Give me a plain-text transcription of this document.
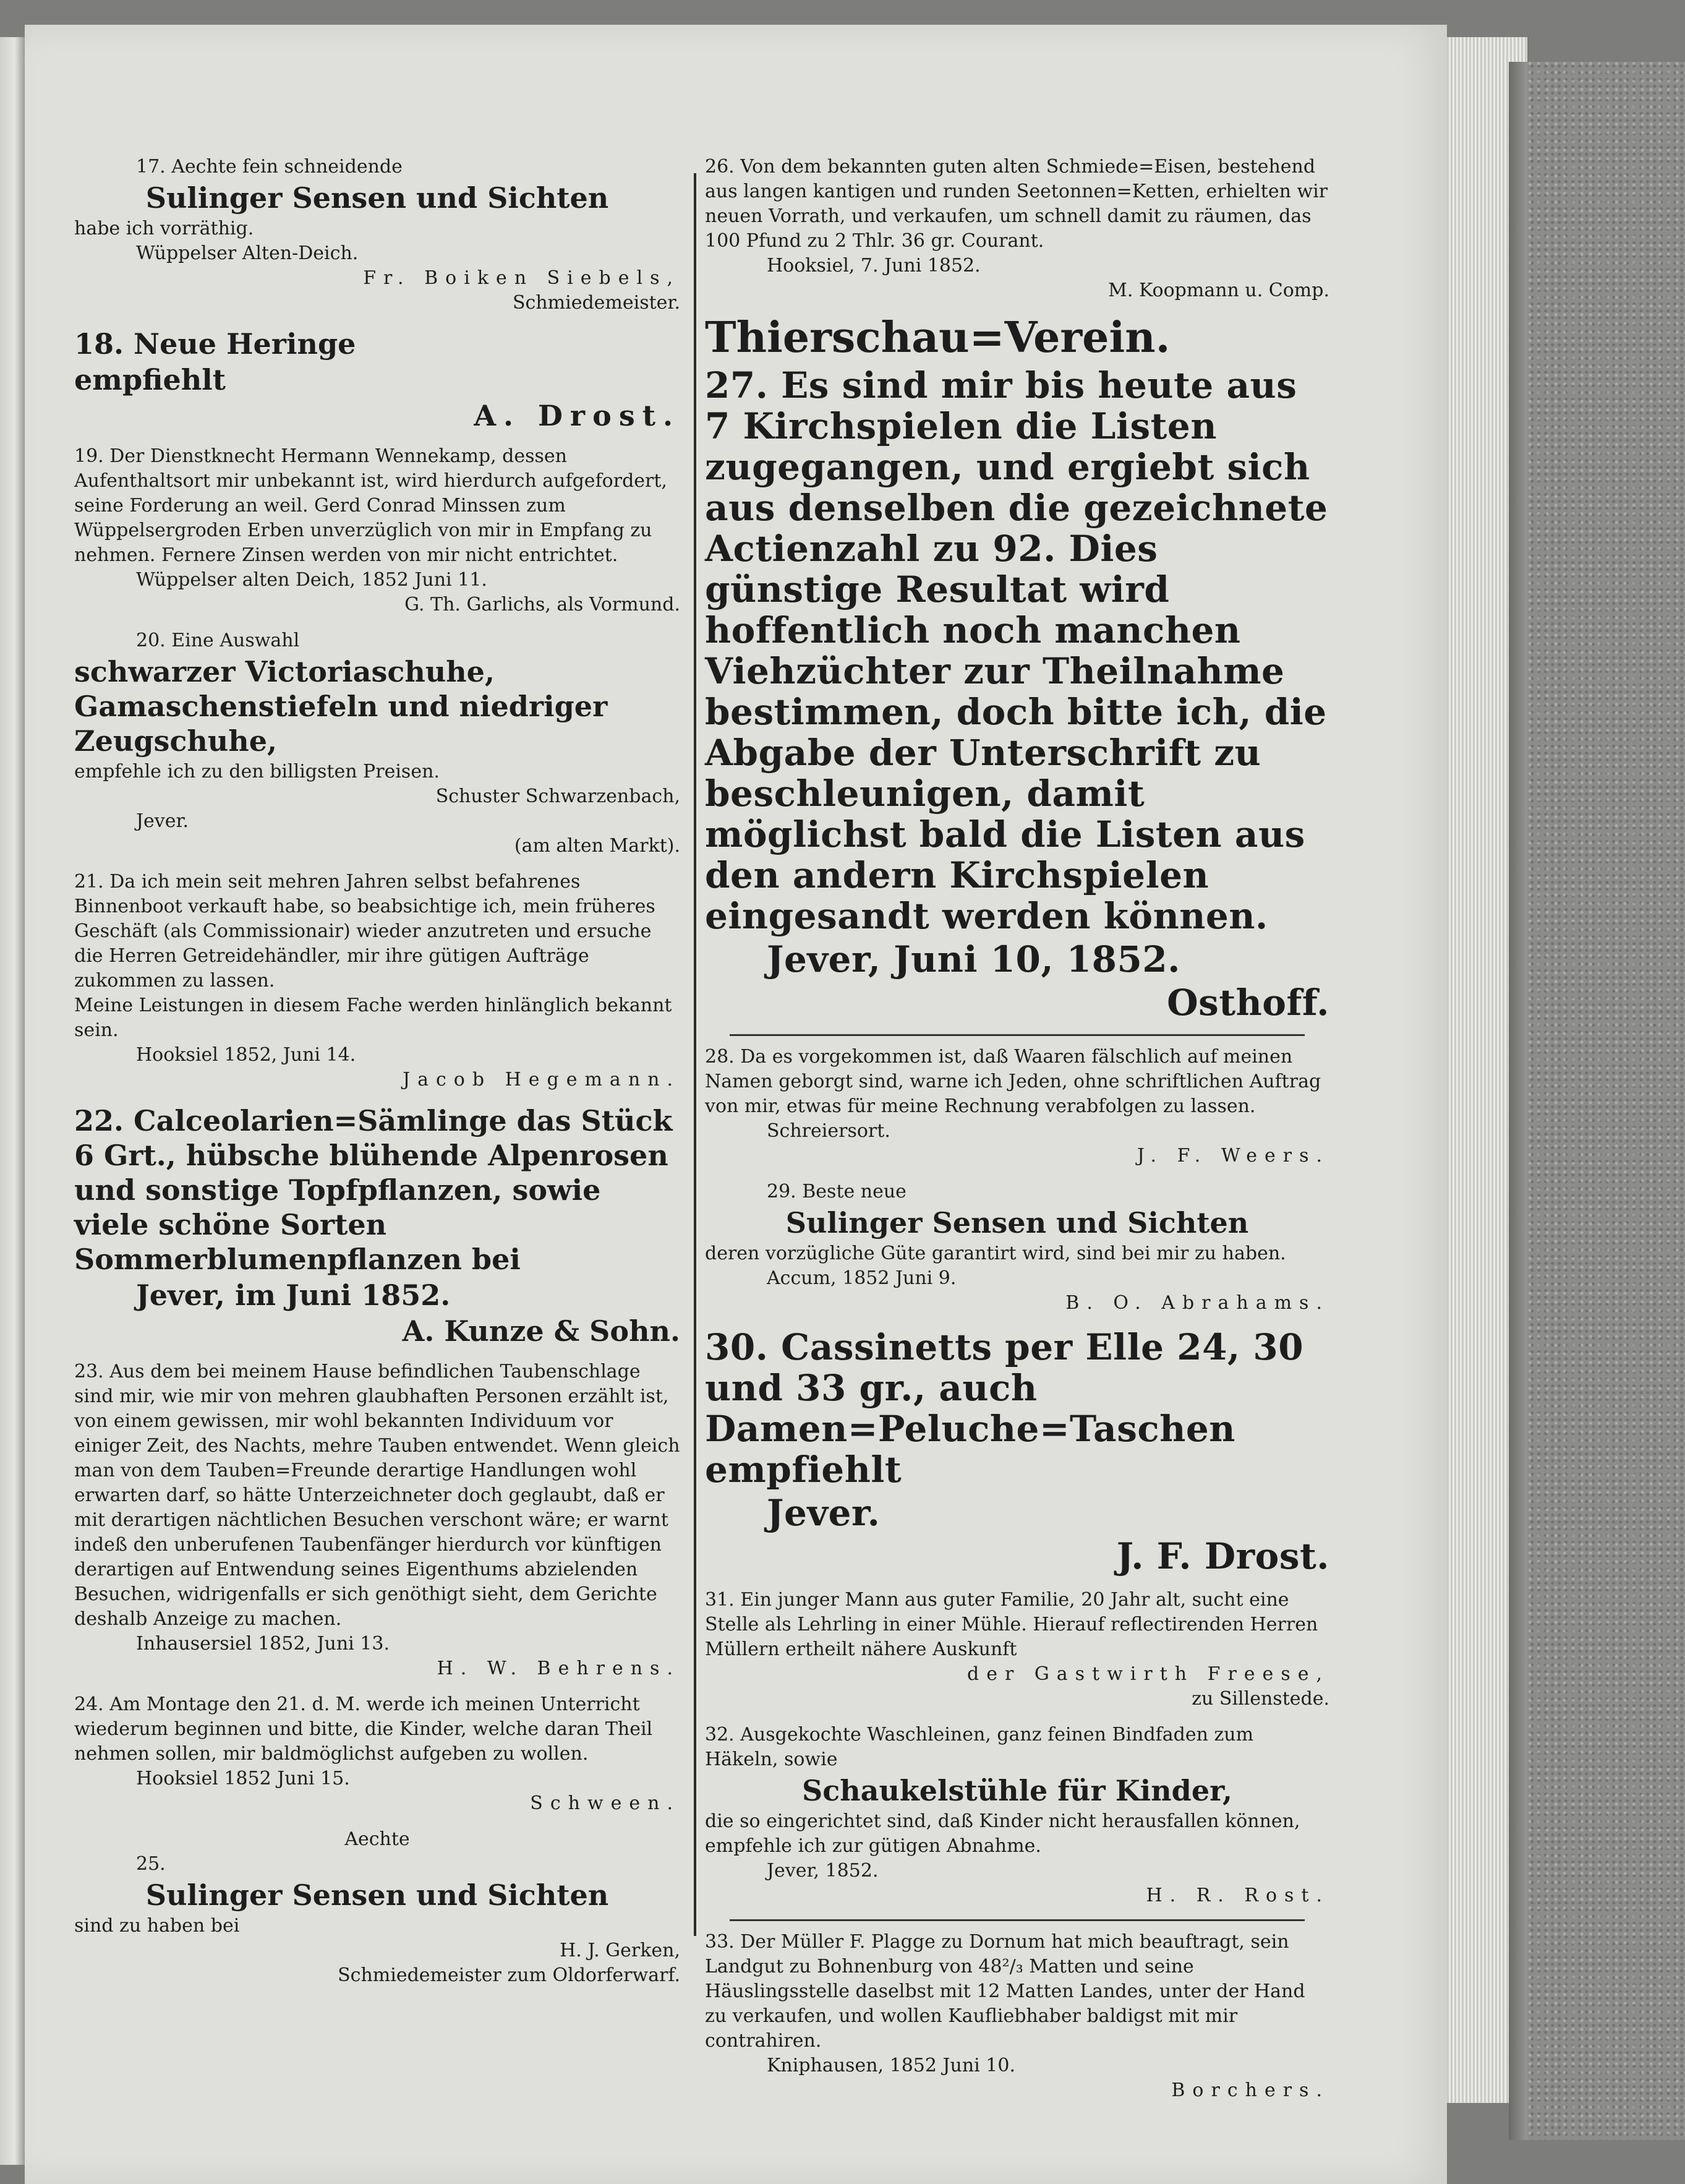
17. Aechte fein schneidende

Sulinger Sensen und Sichten

habe ich vorräthig.

Wüppelser Alten-Deich.

Fr. Boiken Siebels,

Schmiedemeister.

18. Neue Heringe

empfiehlt

A. Drost.

19. Der Dienstknecht Hermann Wennekamp, dessen Aufenthaltsort mir unbekannt ist, wird hierdurch aufgefordert, seine Forderung an weil. Gerd Conrad Minssen zum Wüppelsergroden Erben unverzüglich von mir in Empfang zu nehmen. Fernere Zinsen werden von mir nicht entrichtet.

Wüppelser alten Deich, 1852 Juni 11.

G. Th. Garlichs, als Vormund.

20. Eine Auswahl

schwarzer Victoriaschuhe, Gamaschenstiefeln und niedriger Zeugschuhe,

empfehle ich zu den billigsten Preisen.

Schuster Schwarzenbach,

Jever.

(am alten Markt).

21. Da ich mein seit mehren Jahren selbst befahrenes Binnenboot verkauft habe, so beabsichtige ich, mein früheres Geschäft (als Commissionair) wieder anzutreten und ersuche die Herren Getreidehändler, mir ihre gütigen Aufträge zukommen zu lassen.

Meine Leistungen in diesem Fache werden hinlänglich bekannt sein.

Hooksiel 1852, Juni 14.

Jacob Hegemann.

22. Calceolarien=Sämlinge das Stück 6 Grt., hübsche blühende Alpenrosen und sonstige Topfpflanzen, sowie viele schöne Sorten Sommerblumenpflanzen bei

Jever, im Juni 1852.

A. Kunze & Sohn.

23. Aus dem bei meinem Hause befindlichen Taubenschlage sind mir, wie mir von mehren glaubhaften Personen erzählt ist, von einem gewissen, mir wohl bekannten Individuum vor einiger Zeit, des Nachts, mehre Tauben entwendet. Wenn gleich man von dem Tauben=Freunde derartige Handlungen wohl erwarten darf, so hätte Unterzeichneter doch geglaubt, daß er mit derartigen nächtlichen Besuchen verschont wäre; er warnt indeß den unberufenen Taubenfänger hierdurch vor künftigen derartigen auf Entwendung seines Eigenthums abzielenden Besuchen, widrigenfalls er sich genöthigt sieht, dem Gerichte deshalb Anzeige zu machen.

Inhausersiel 1852, Juni 13.

H. W. Behrens.

24. Am Montage den 21. d. M. werde ich meinen Unterricht wiederum beginnen und bitte, die Kinder, welche daran Theil nehmen sollen, mir baldmöglichst aufgeben zu wollen.

Hooksiel 1852 Juni 15.

Schween.

Aechte

25.

Sulinger Sensen und Sichten

sind zu haben bei

H. J. Gerken,

Schmiedemeister zum Oldorferwarf.

26. Von dem bekannten guten alten Schmiede=Eisen, bestehend aus langen kantigen und runden Seetonnen=Ketten, erhielten wir neuen Vorrath, und verkaufen, um schnell damit zu räumen, das 100 Pfund zu 2 Thlr. 36 gr. Courant.

Hooksiel, 7. Juni 1852.

M. Koopmann u. Comp.

Thierschau=Verein.

27. Es sind mir bis heute aus 7 Kirchspielen die Listen zugegangen, und ergiebt sich aus denselben die gezeichnete Actienzahl zu 92. Dies günstige Resultat wird hoffentlich noch manchen Viehzüchter zur Theilnahme bestimmen, doch bitte ich, die Abgabe der Unterschrift zu beschleunigen, damit möglichst bald die Listen aus den andern Kirchspielen eingesandt werden können.

Jever, Juni 10, 1852.

Osthoff.

28. Da es vorgekommen ist, daß Waaren fälschlich auf meinen Namen geborgt sind, warne ich Jeden, ohne schriftlichen Auftrag von mir, etwas für meine Rechnung verabfolgen zu lassen.

Schreiersort.

J. F. Weers.

29. Beste neue

Sulinger Sensen und Sichten

deren vorzügliche Güte garantirt wird, sind bei mir zu haben.

Accum, 1852 Juni 9.

B. O. Abrahams.

30. Cassinetts per Elle 24, 30 und 33 gr., auch Damen=Peluche=Taschen empfiehlt

Jever.

J. F. Drost.

31. Ein junger Mann aus guter Familie, 20 Jahr alt, sucht eine Stelle als Lehrling in einer Mühle. Hierauf reflectirenden Herren Müllern ertheilt nähere Auskunft

der Gastwirth Freese,

zu Sillenstede.

32. Ausgekochte Waschleinen, ganz feinen Bindfaden zum Häkeln, sowie

Schaukelstühle für Kinder,

die so eingerichtet sind, daß Kinder nicht herausfallen können, empfehle ich zur gütigen Abnahme.

Jever, 1852.

H. R. Rost.

33. Der Müller F. Plagge zu Dornum hat mich beauftragt, sein Landgut zu Bohnenburg von 48²/₃ Matten und seine Häuslingsstelle daselbst mit 12 Matten Landes, unter der Hand zu verkaufen, und wollen Kaufliebhaber baldigst mit mir contrahiren.

Kniphausen, 1852 Juni 10.

Borchers.
